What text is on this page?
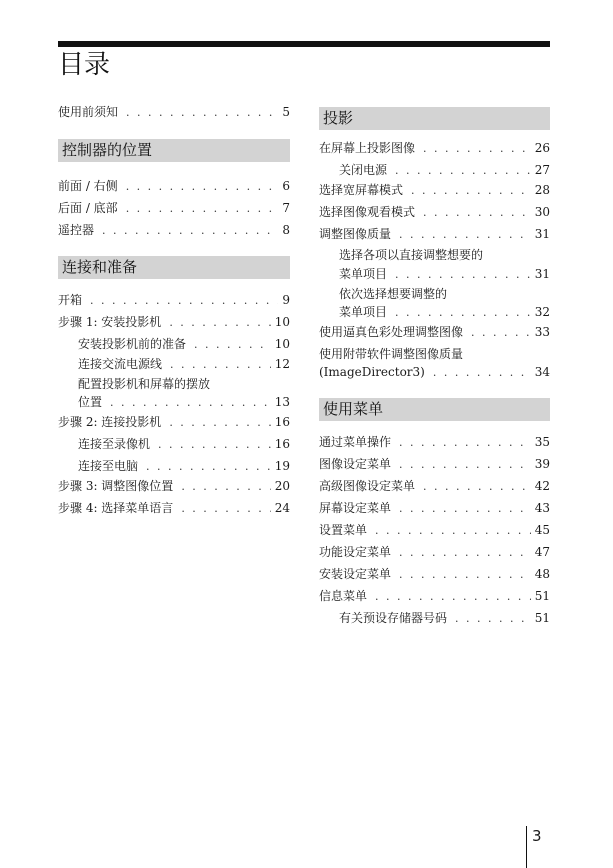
目录
使用前须知 . . .	5
控制器的位置
前面 / 右侧 . . .	6
后面 / 底部 . . .	7
遥控器 . . .	8
连接和准备
开箱 . . .	9
步骤 1: 安装投影机 . . .	10
安装投影机前的准备 . . .	10
连接交流电源线 . . .	12
配置投影机和屏幕的摆放
位置 . . .	13
步骤 2: 连接投影机 . . .	16
连接至录像机 . . .	16
连接至电脑 . . .	19
步骤 3: 调整图像位置 . . .	20
步骤 4: 选择菜单语言 . . .	24
投影
在屏幕上投影图像 . . .	26
关闭电源 . . .	27
选择宽屏幕模式 . . .	28
选择图像观看模式 . . .	30
调整图像质量 . . .	31
选择各项以直接调整想要的
菜单项目 . . .	31
依次选择想要调整的
菜单项目 . . .	32
使用逼真色彩处理调整图像 . . .	33
使用附带软件调整图像质量
(ImageDirector3) . . .	34
使用菜单
通过菜单操作 . . .	35
图像设定菜单 . . .	39
高级图像设定菜单 . . .	42
屏幕设定菜单 . . .	43
设置菜单 . . .	45
功能设定菜单 . . .	47
安装设定菜单 . . .	48
信息菜单 . . .	51
有关预设存储器号码 . . .	51
3
